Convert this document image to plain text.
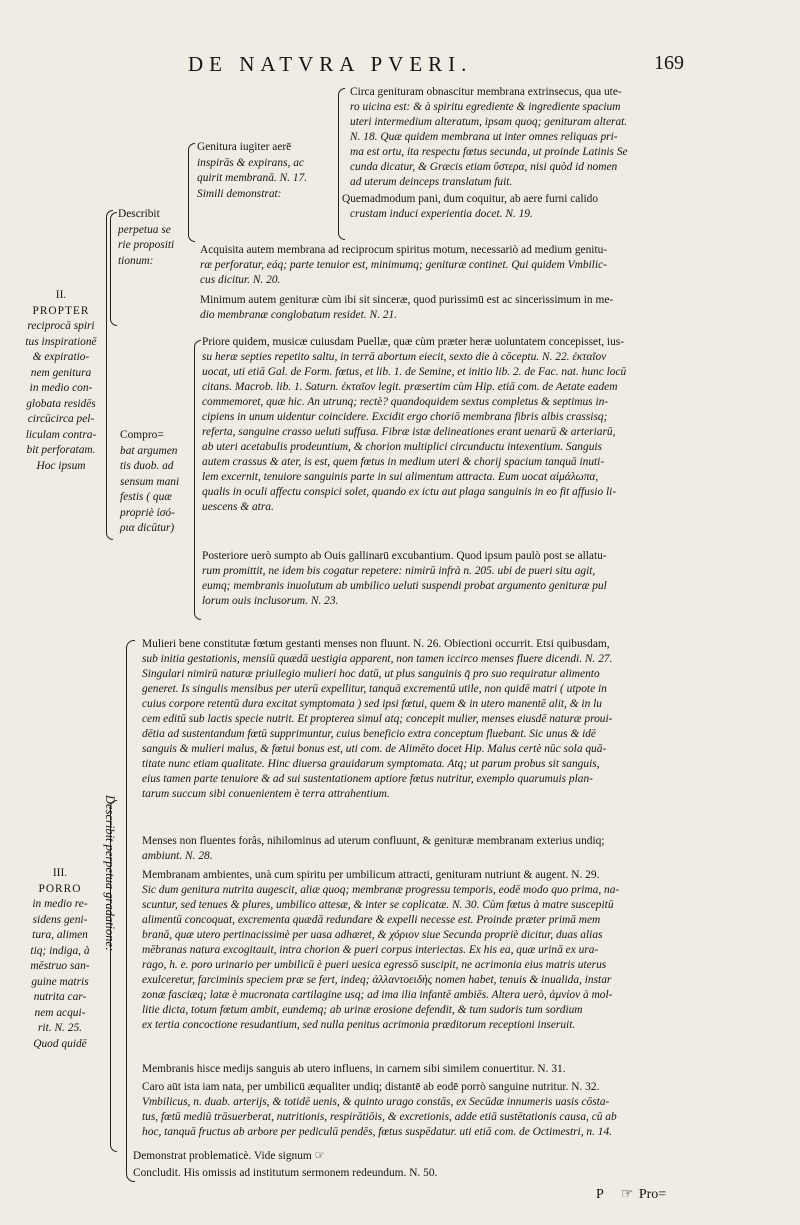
DE NATVRA PVERI.	169
Describit
perpetua se
rie propositi
tionum:
Genitura iugiter aerē
inspirās & expirans, ac
quirit membranā. N. 17.
Simili demonstrat:
Circa genituram obnascitur membrana extrinsecus, qua ute-
ro uicina est: & à spiritu egrediente & ingrediente spacium
uteri intermedium alteratum, ipsam quoq; genituram alterat.
N. 18. Quæ quidem membrana ut inter omnes reliquas pri-
ma est ortu, ita respectu fœtus secunda, ut proinde Latinis Se
cunda dicatur, & Græcis etiam ὕστερα, nisi quòd id nomen
ad uterum deinceps translatum fuit.
Quemadmodum pani, dum coquitur, ab aere furni calido
crustam induci experientia docet. N. 19.
Acquisita autem membrana ad reciprocum spiritus motum, necessariò ad medium genitu-
ræ perforatur, eáq; parte tenuior est, minimumq; genituræ continet. Qui quidem Vmbilic-
cus dicitur. N. 20.
Minimum autem genituræ cùm ibi sit sinceræ, quod purissimū est ac sincerissimum in me-
dio membranæ conglobatum residet. N. 21.
II.
PROPTER
reciprocā spiri
tus inspirationē
& expiratio-
nem genitura
in medio con-
globata residēs
circūcirca pel-
liculam contra-
bit perforatam.
Hoc ipsum
Compro=
bat argumen
tis duob. ad
sensum mani
festis ( quæ
propriè ἰσό-
ρια dicūtur)
Priore quidem, musicæ cuiusdam Puellæ, quæ cùm præter heræ uoluntatem concepisset, ius-
su heræ septies repetito saltu, in terrā abortum eiecit, sexto die à cōceptu. N. 22. ἐκταῖον
uocat, uti etiā Gal. de Form. fœtus, et lib. 1. de Semine, et initio lib. 2. de Fac. nat. hunc locū
citans. Macrob. lib. 1. Saturn. ἐκταῖον legit. præsertim cùm Hip. etiā com. de Aetate eadem
commemoret, quæ hic. An utrunq; rectè? quandoquidem sextus completus & septimus in-
cipiens in unum uidentur coincidere. Excidit ergo choriō membrana fibris albis crassisq;
referta, sanguine crasso ueluti suffusa. Fibræ istæ delineationes erant uenarū & arteriarū,
ab uteri acetabulis prodeuntium, & chorion multiplici circunductu intexentium. Sanguis
autem crassus & ater, is est, quem fœtus in medium uteri & chorij spacium tanquā inuti-
lem excernit, tenuiore sanguinis parte in sui alimentum attracta. Eum uocat αἱμάλωπα,
qualis in oculi affectu conspici solet, quando ex ictu aut plaga sanguinis in eo fit affusio li-
uescens & atra.
Posteriore uerò sumpto ab Ouis gallinarū excubantium. Quod ipsum paulò post se allatu-
rum promittit, ne idem bis cogatur repetere: nimirū infrà n. 205. ubi de pueri situ agit,
eumq; membranis inuolutum ab umbilico ueluti suspendi probat argumento genituræ pul
lorum ouis inclusorum. N. 23.
III.
PORRO
in medio re-
sidens geni-
tura, alimen
tiq; indiga, à
mēstruo san-
guine matris
nutrita car-
nem acqui-
rit. N. 25.
Quod quidē
Describit perpetua gradatione:
Mulieri bene constitutæ fœtum gestanti menses non fluunt. N. 26. Obiectioni occurrit. Etsi quibusdam,
sub initia gestationis, mensiū quædā uestigia apparent, non tamen iccirco menses fluere dicendi. N. 27.
Singulari nimirū naturæ priuilegio mulieri hoc datū, ut plus sanguinis q̄ pro suo requiratur alimento
generet. Is singulis mensibus per uterū expellitur, tanquā excrementū utile, non quidē matri ( utpote in
cuius corpore retentū dura excitat symptomata ) sed ipsi fœtui, quem & in utero manentē alit, & in lu
cem editū sub lactis specie nutrit. Et propterea simul atq; concepit mulier, menses eiusdē naturæ proui-
dētia ad sustentandum fœtū supprimuntur, cuius beneficio extra conceptum fluebant. Sic unus & idē
sanguis & mulieri malus, & fœtui bonus est, uti com. de Alimēto docet Hip. Malus certè nūc sola quā-
titate nunc etiam qualitate. Hinc diuersa grauidarum symptomata. Atq; ut parum probus sit sanguis,
eius tamen parte tenuiore & ad sui sustentationem aptiore fœtus nutritur, exemplo quarumuis plan-
tarum succum sibi conuenientem è terra attrahentium.
Menses non fluentes forâs, nihilominus ad uterum confluunt, & genituræ membranam exterius undiq;
ambiunt. N. 28.
Membranam ambientes, unà cum spiritu per umbilicum attracti, genituram nutriunt & augent. N. 29.
Sic dum genitura nutrita augescit, aliæ quoq; membranæ progressu temporis, eodē modo quo prima, na-
scuntur, sed tenues & plures, umbilico attesæ, & inter se coplicatæ. N. 30. Cùm fœtus à matre suscepitū
alimentū concoquat, excrementa quædā redundare & expelli necesse est. Proinde præter primā mem
branā, quæ utero pertinacissimè per uasa adhæret, & χόριον siue Secunda propriè dicitur, duas alias
mēbranas natura excogitauit, intra chorion & pueri corpus interiectas. Ex his ea, quæ urinā ex ura-
rago, h. e. poro urinario per umbilicū è pueri uesica egressō suscipit, ne acrimonia eius matris uterus
exulceretur, farciminis speciem præ se fert, indeq; ἀλλαντοειδὴς nomen habet, tenuis & inualida, instar
zonæ fasciæq; latæ è mucronata cartilagine usq; ad ima ilia infantē ambiēs. Altera uerò, ἀμνίον à mol-
litie dicta, totum fœtum ambit, eundemq; ab urinæ erosione defendit, & tum sudoris tum sordium
ex tertia concoctione resudantium, sed nulla penitus acrimonia præditorum receptioni inseruit.
Membranis hisce medijs sanguis ab utero influens, in carnem sibi similem conuertitur. N. 31.
Caro aūt ista iam nata, per umbilicū æqualiter undiq; distantē ab eodē porrò sanguine nutritur. N. 32.
Vmbilicus, n. duab. arterijs, & totidē uenis, & quinto urago constās, ex Secūdæ innumeris uasis cōsta-
tus, fœtū mediū trāsuerberat, nutritionis, respirātiōis, & excretionis, adde etiā sustētationis causa, cū ab
hoc, tanquā fructus ab arbore per pediculū pendēs, fœtus suspēdatur. uti etiā com. de Octimestri, n. 14.
Demonstrat problematicè. Vide signum ☞
Concludit. His omissis ad institutum sermonem redeundum. N. 50.
P ☞ Pro=
